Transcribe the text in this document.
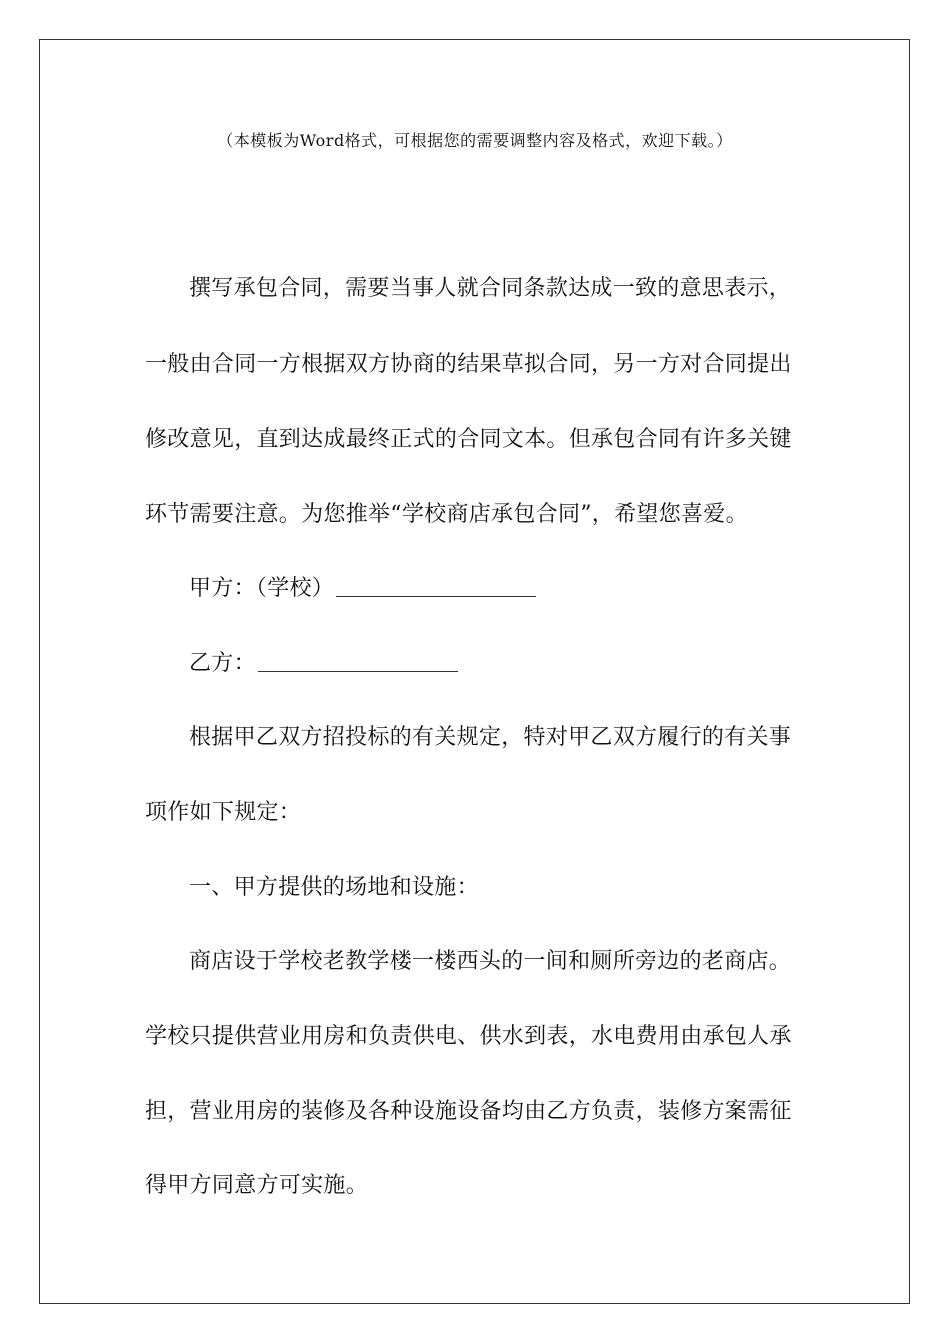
（本模板为Word格式，可根据您的需要调整内容及格式，欢迎下载。）
撰写承包合同，需要当事人就合同条款达成一致的意思表示，
一般由合同一方根据双方协商的结果草拟合同，另一方对合同提出
修改意见，直到达成最终正式的合同文本。但承包合同有许多关键
环节需要注意。为您推举“学校商店承包合同”，希望您喜爱。
甲方：（学校）
乙方：
根据甲乙双方招投标的有关规定，特对甲乙双方履行的有关事
项作如下规定：
一、甲方提供的场地和设施：
商店设于学校老教学楼一楼西头的一间和厕所旁边的老商店。
学校只提供营业用房和负责供电、供水到表，水电费用由承包人承
担，营业用房的装修及各种设施设备均由乙方负责，装修方案需征
得甲方同意方可实施。
